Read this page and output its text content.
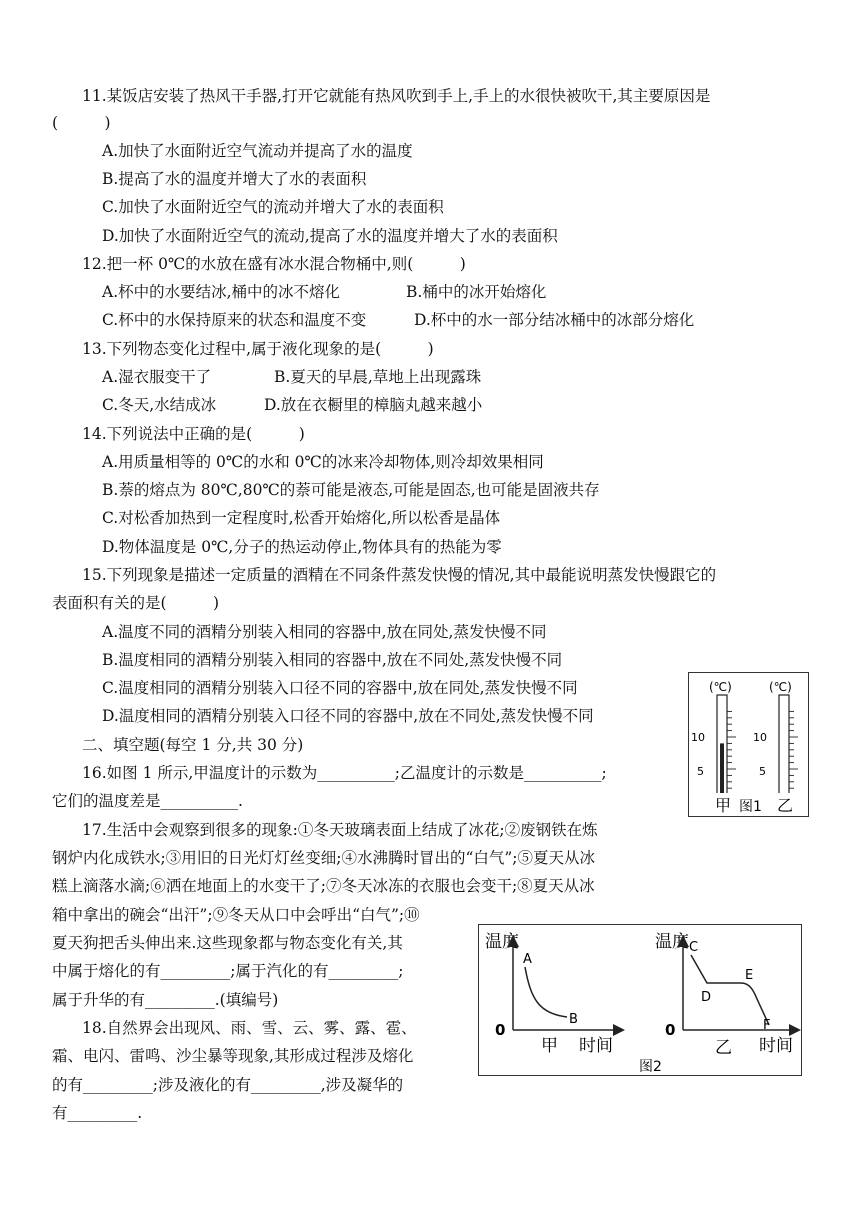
11.某饭店安装了热风干手器,打开它就能有热风吹到手上,手上的水很快被吹干,其主要原因是
(　　　)
A.加快了水面附近空气流动并提高了水的温度
B.提高了水的温度并增大了水的表面积
C.加快了水面附近空气的流动并增大了水的表面积
D.加快了水面附近空气的流动,提高了水的温度并增大了水的表面积
12.把一杯 0℃的水放在盛有冰水混合物桶中,则(　　　)
A.杯中的水要结冰,桶中的冰不熔化	B.桶中的冰开始熔化
C.杯中的水保持原来的状态和温度不变	D.杯中的水一部分结冰桶中的冰部分熔化
13.下列物态变化过程中,属于液化现象的是(　　　)
A.湿衣服变干了	B.夏天的早晨,草地上出现露珠
C.冬天,水结成冰	D.放在衣橱里的樟脑丸越来越小
14.下列说法中正确的是(　　　)
A.用质量相等的 0℃的水和 0℃的冰来冷却物体,则冷却效果相同
B.萘的熔点为 80℃,80℃的萘可能是液态,可能是固态,也可能是固液共存
C.对松香加热到一定程度时,松香开始熔化,所以松香是晶体
D.物体温度是 0℃,分子的热运动停止,物体具有的热能为零
15.下列现象是描述一定质量的酒精在不同条件蒸发快慢的情况,其中最能说明蒸发快慢跟它的
表面积有关的是(　　　)
A.温度不同的酒精分别装入相同的容器中,放在同处,蒸发快慢不同
B.温度相同的酒精分别装入相同的容器中,放在不同处,蒸发快慢不同
C.温度相同的酒精分别装入口径不同的容器中,放在同处,蒸发快慢不同
D.温度相同的酒精分别装入口径不同的容器中,放在不同处,蒸发快慢不同
二、填空题(每空 1 分,共 30 分)
16.如图 1 所示,甲温度计的示数为__________;乙温度计的示数是__________;
它们的温度差是__________.
17.生活中会观察到很多的现象:①冬天玻璃表面上结成了冰花;②废钢铁在炼
钢炉内化成铁水;③用旧的日光灯灯丝变细;④水沸腾时冒出的“白气”;⑤夏天从冰
糕上滴落水滴;⑥洒在地面上的水变干了;⑦冬天冰冻的衣服也会变干;⑧夏天从冰
箱中拿出的碗会“出汗”;⑨冬天从口中会呼出“白气”;⑩
夏天狗把舌头伸出来.这些现象都与物态变化有关,其
中属于熔化的有_________;属于汽化的有_________;
属于升华的有_________.(填编号)
18.自然界会出现风、雨、雪、云、雾、露、雹、
霜、电闪、雷鸣、沙尘暴等现象,其形成过程涉及熔化
的有_________;涉及液化的有_________,涉及凝华的
有_________.
(℃)	(℃)
10
5
10
5
甲 图1 乙
温度
A
B
0
甲 时间
温度 C
D
E
F
0
乙 时间
图2
